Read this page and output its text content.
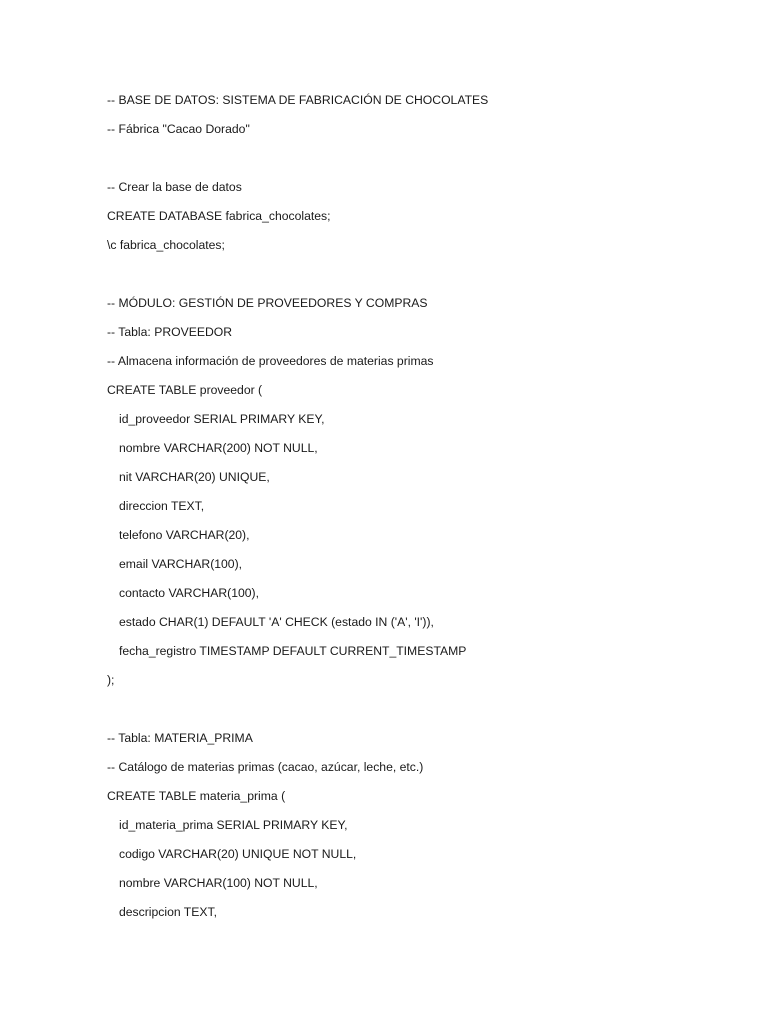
-- BASE DE DATOS: SISTEMA DE FABRICACIÓN DE CHOCOLATES
-- Fábrica "Cacao Dorado"
-- Crear la base de datos
CREATE DATABASE fabrica_chocolates;
\c fabrica_chocolates;
-- MÓDULO: GESTIÓN DE PROVEEDORES Y COMPRAS
-- Tabla: PROVEEDOR
-- Almacena información de proveedores de materias primas
CREATE TABLE proveedor (
id_proveedor SERIAL PRIMARY KEY,
nombre VARCHAR(200) NOT NULL,
nit VARCHAR(20) UNIQUE,
direccion TEXT,
telefono VARCHAR(20),
email VARCHAR(100),
contacto VARCHAR(100),
estado CHAR(1) DEFAULT 'A' CHECK (estado IN ('A', 'I')),
fecha_registro TIMESTAMP DEFAULT CURRENT_TIMESTAMP
);
-- Tabla: MATERIA_PRIMA
-- Catálogo de materias primas (cacao, azúcar, leche, etc.)
CREATE TABLE materia_prima (
id_materia_prima SERIAL PRIMARY KEY,
codigo VARCHAR(20) UNIQUE NOT NULL,
nombre VARCHAR(100) NOT NULL,
descripcion TEXT,
